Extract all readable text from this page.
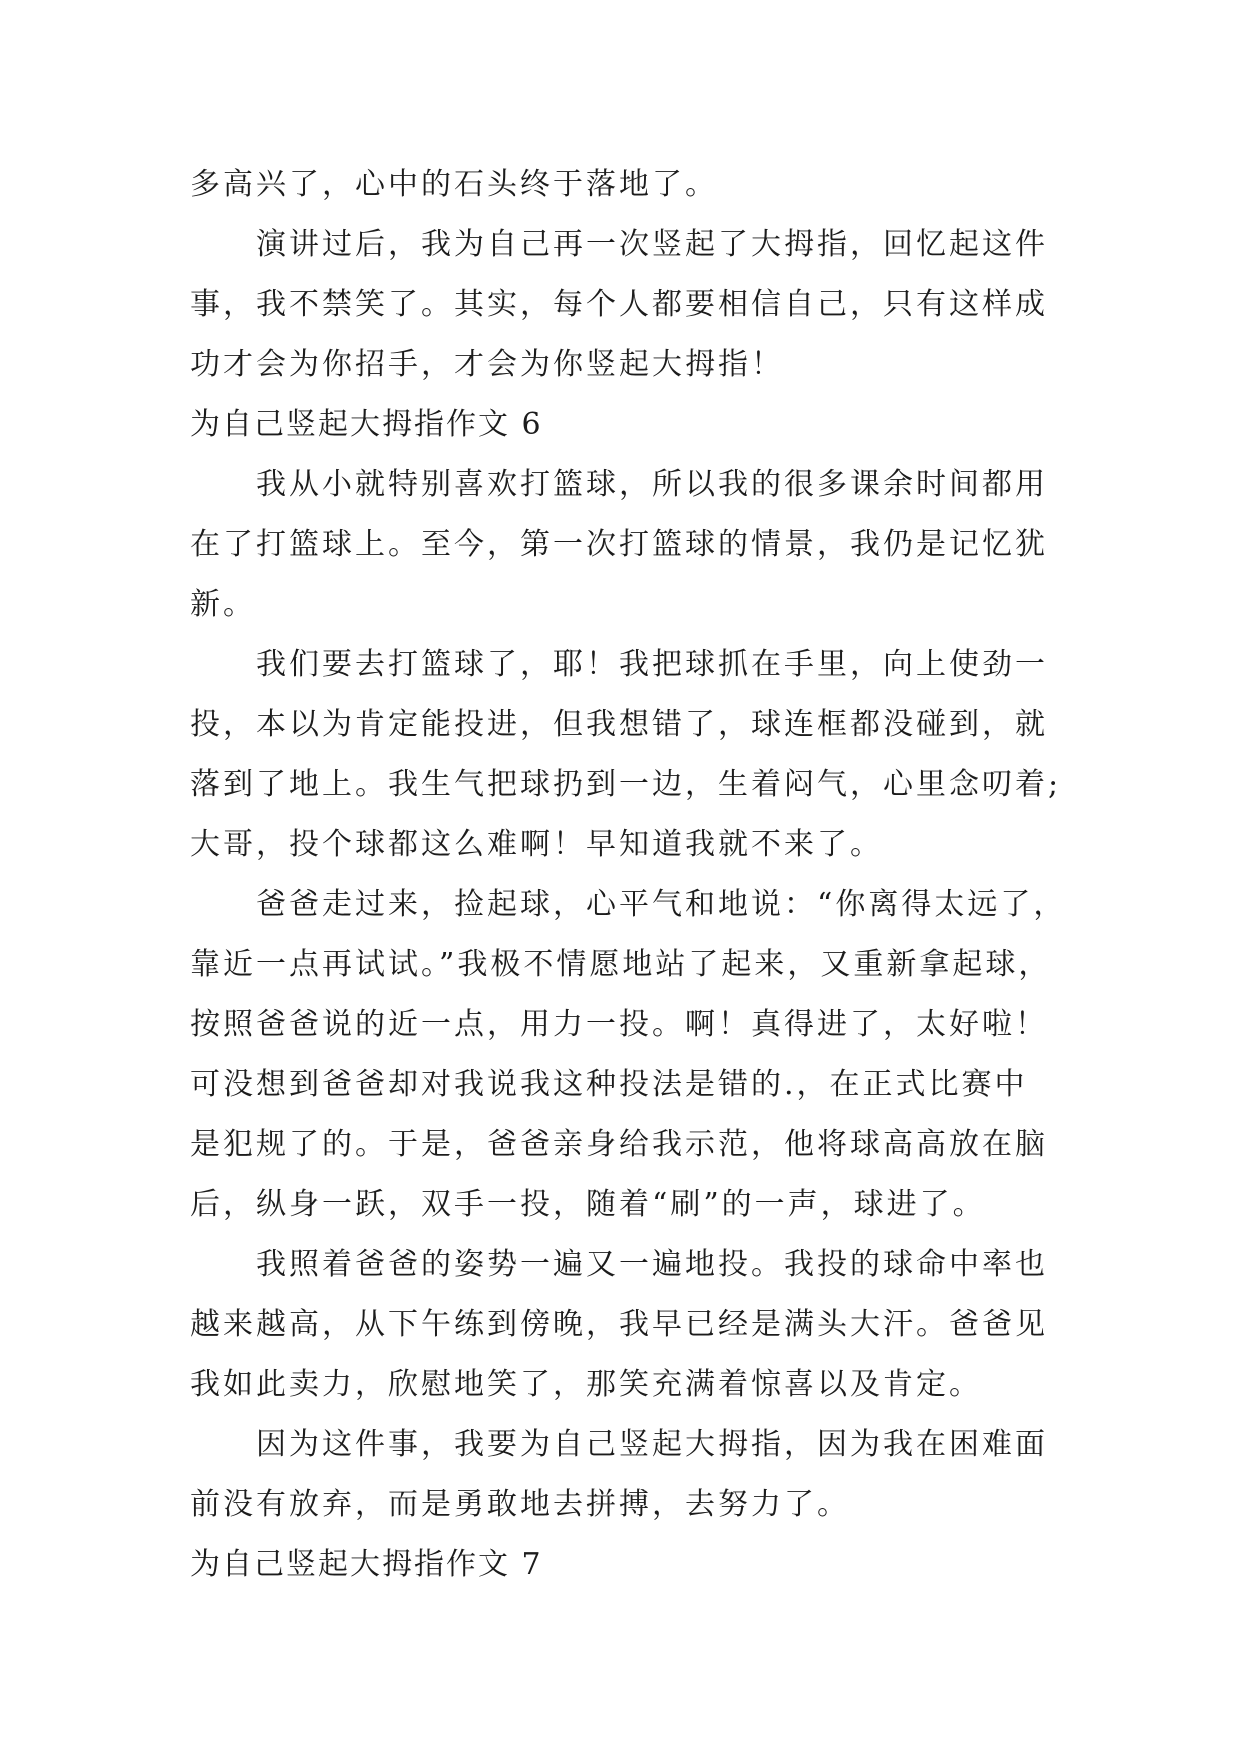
多高兴了，心中的石头终于落地了。
演讲过后，我为自己再一次竖起了大拇指，回忆起这件
事，我不禁笑了。其实，每个人都要相信自己，只有这样成
功才会为你招手，才会为你竖起大拇指！
为自己竖起大拇指作文 6
我从小就特别喜欢打篮球，所以我的很多课余时间都用
在了打篮球上。至今，第一次打篮球的情景，我仍是记忆犹
新。
我们要去打篮球了，耶！我把球抓在手里，向上使劲一
投，本以为肯定能投进，但我想错了，球连框都没碰到，就
落到了地上。我生气把球扔到一边，生着闷气，心里念叨着;
大哥，投个球都这么难啊！早知道我就不来了。
爸爸走过来，捡起球，心平气和地说：“你离得太远了，
靠近一点再试试。”我极不情愿地站了起来，又重新拿起球，
按照爸爸说的近一点，用力一投。啊！真得进了，太好啦！
可没想到爸爸却对我说我这种投法是错的.，在正式比赛中
是犯规了的。于是，爸爸亲身给我示范，他将球高高放在脑
后，纵身一跃，双手一投，随着“刷”的一声，球进了。
我照着爸爸的姿势一遍又一遍地投。我投的球命中率也
越来越高，从下午练到傍晚，我早已经是满头大汗。爸爸见
我如此卖力，欣慰地笑了，那笑充满着惊喜以及肯定。
因为这件事，我要为自己竖起大拇指，因为我在困难面
前没有放弃，而是勇敢地去拼搏，去努力了。
为自己竖起大拇指作文 7
